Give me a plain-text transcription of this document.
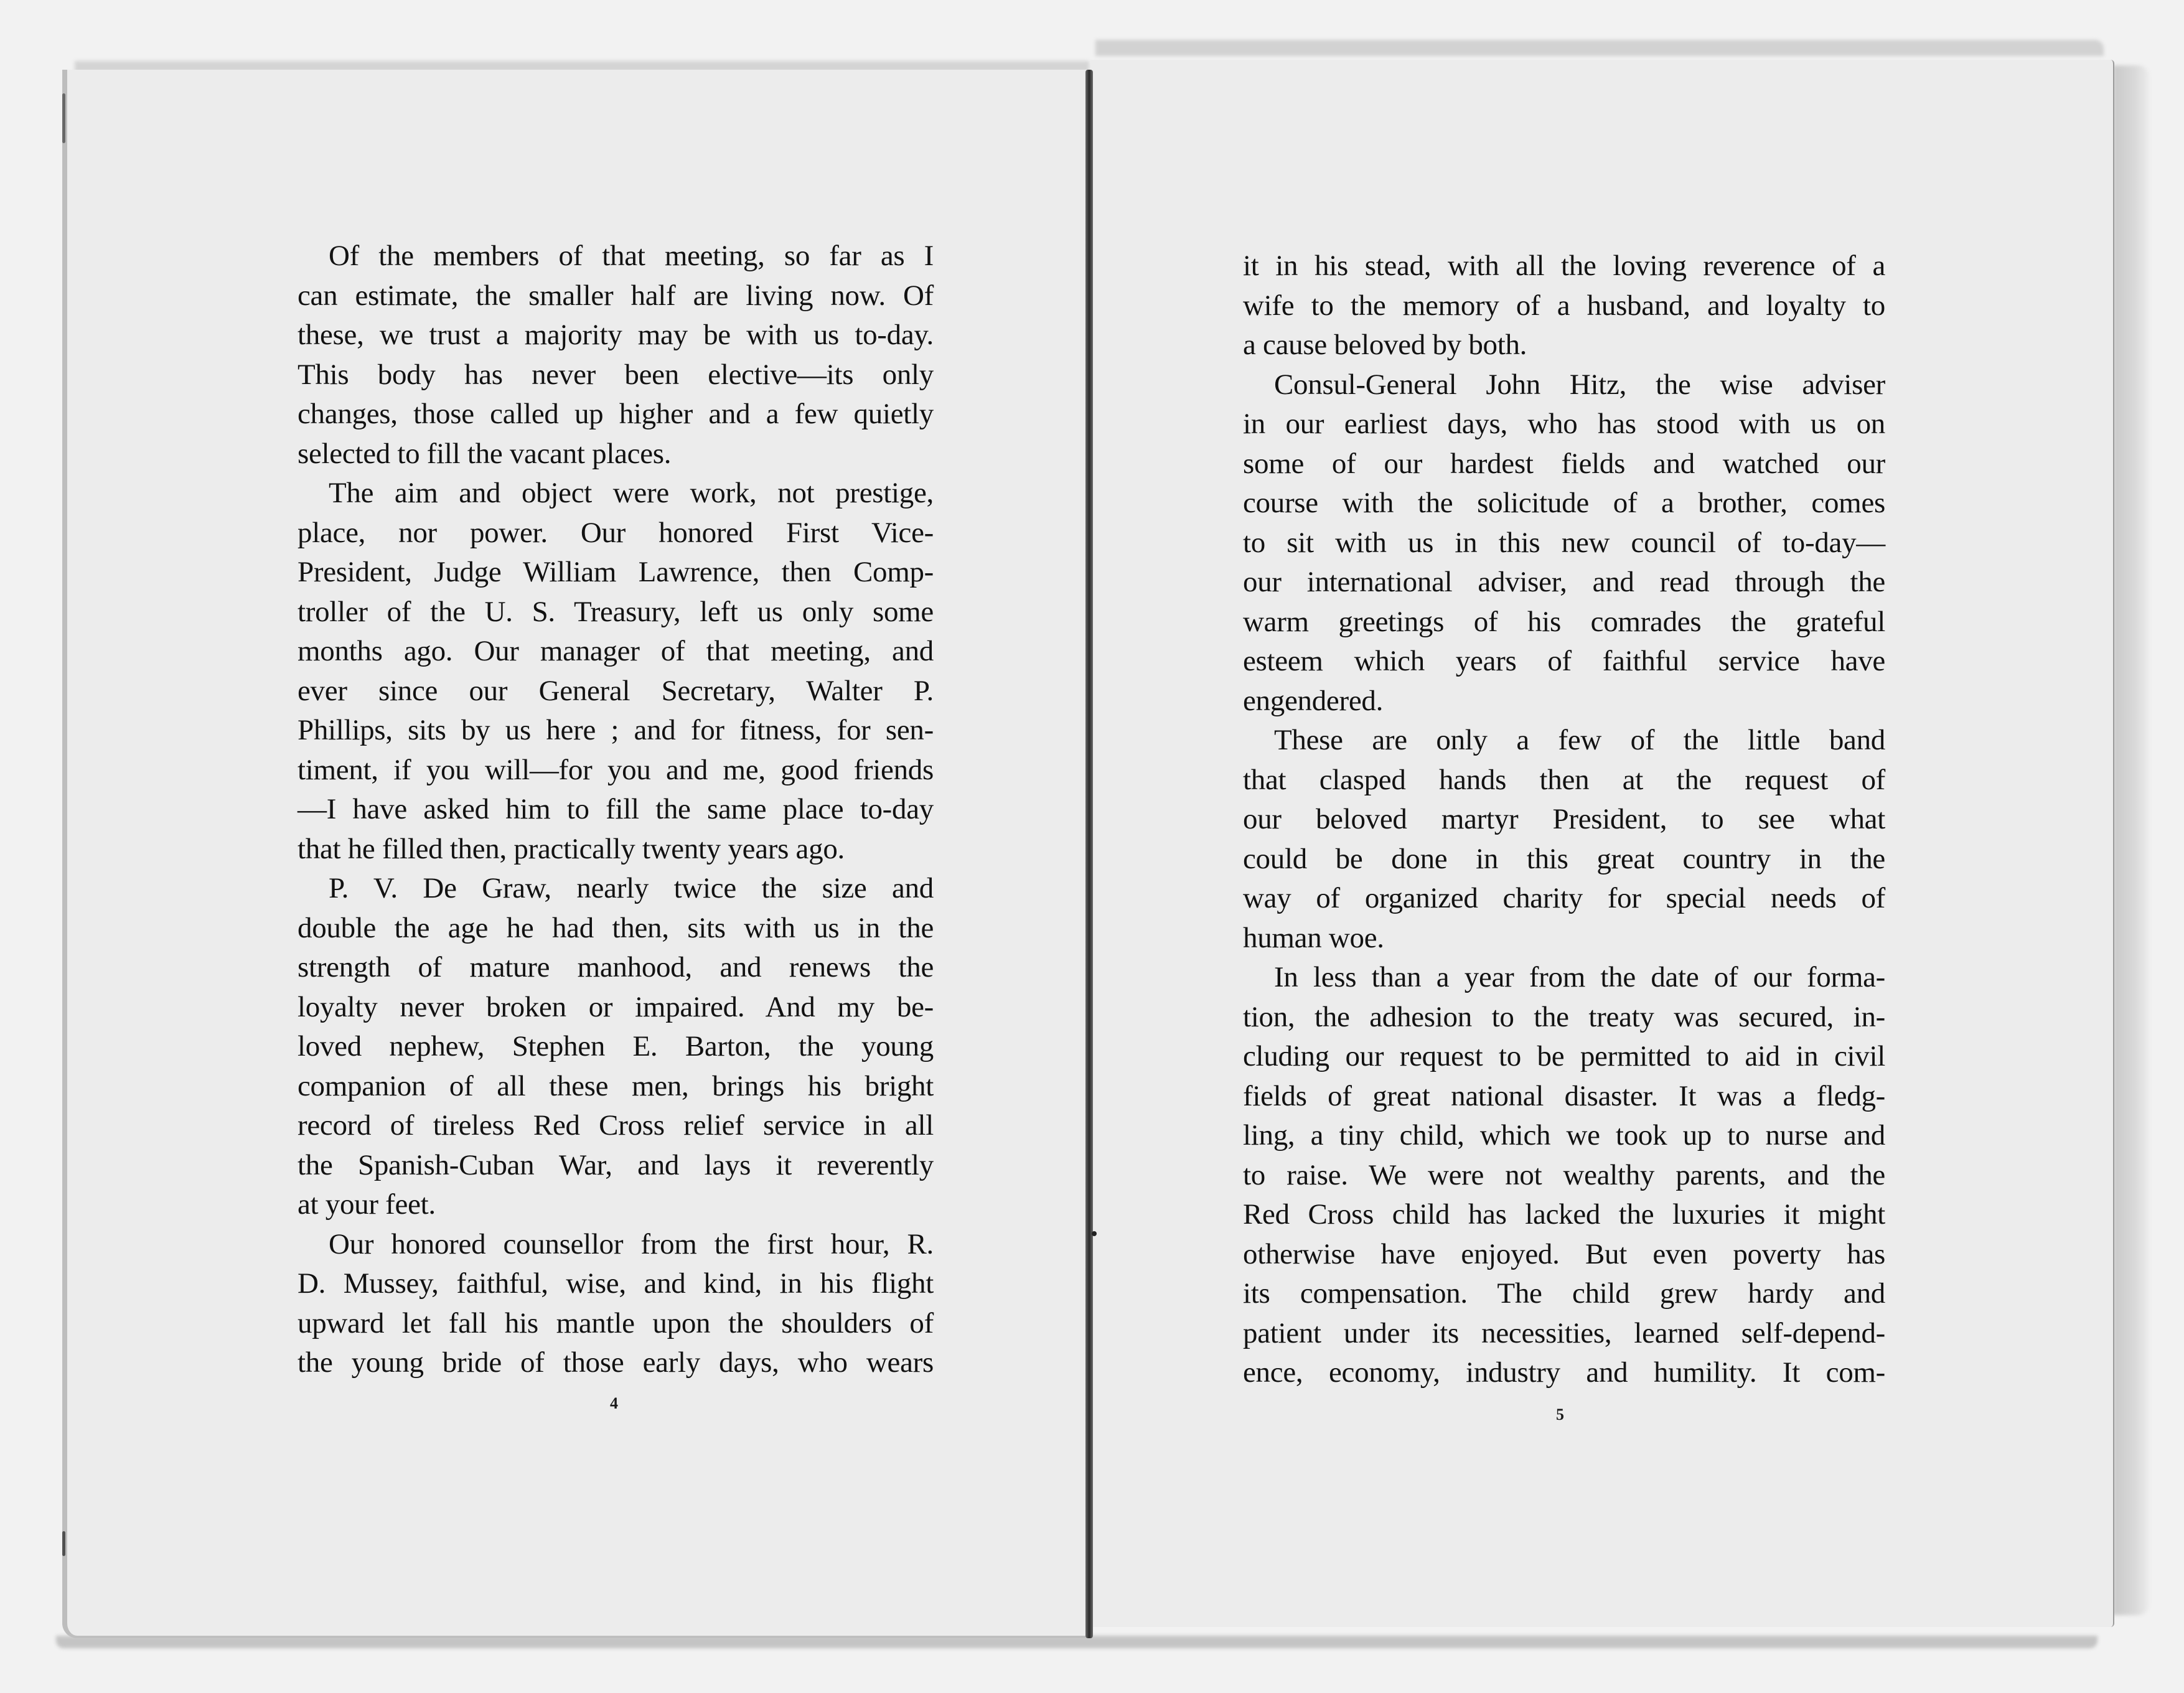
Of the members of that meeting, so far as I
can estimate, the smaller half are living now. Of
these, we trust a majority may be with us to-day.
This body has never been elective—its only
changes, those called up higher and a few quietly
selected to fill the vacant places.
The aim and object were work, not prestige,
place, nor power. Our honored First Vice-
President, Judge William Lawrence, then Comp-
troller of the U. S. Treasury, left us only some
months ago. Our manager of that meeting, and
ever since our General Secretary, Walter P.
Phillips, sits by us here ; and for fitness, for sen-
timent, if you will—for you and me, good friends
—I have asked him to fill the same place to-day
that he filled then, practically twenty years ago.
P. V. De Graw, nearly twice the size and
double the age he had then, sits with us in the
strength of mature manhood, and renews the
loyalty never broken or impaired. And my be-
loved nephew, Stephen E. Barton, the young
companion of all these men, brings his bright
record of tireless Red Cross relief service in all
the Spanish-Cuban War, and lays it reverently
at your feet.
Our honored counsellor from the first hour, R.
D. Mussey, faithful, wise, and kind, in his flight
upward let fall his mantle upon the shoulders of
the young bride of those early days, who wears
4
it in his stead, with all the loving reverence of a
wife to the memory of a husband, and loyalty to
a cause beloved by both.
Consul-General John Hitz, the wise adviser
in our earliest days, who has stood with us on
some of our hardest fields and watched our
course with the solicitude of a brother, comes
to sit with us in this new council of to-day—
our international adviser, and read through the
warm greetings of his comrades the grateful
esteem which years of faithful service have
engendered.
These are only a few of the little band
that clasped hands then at the request of
our beloved martyr President, to see what
could be done in this great country in the
way of organized charity for special needs of
human woe.
In less than a year from the date of our forma-
tion, the adhesion to the treaty was secured, in-
cluding our request to be permitted to aid in civil
fields of great national disaster. It was a fledg-
ling, a tiny child, which we took up to nurse and
to raise. We were not wealthy parents, and the
Red Cross child has lacked the luxuries it might
otherwise have enjoyed. But even poverty has
its compensation. The child grew hardy and
patient under its necessities, learned self-depend-
ence, economy, industry and humility. It com-
5
